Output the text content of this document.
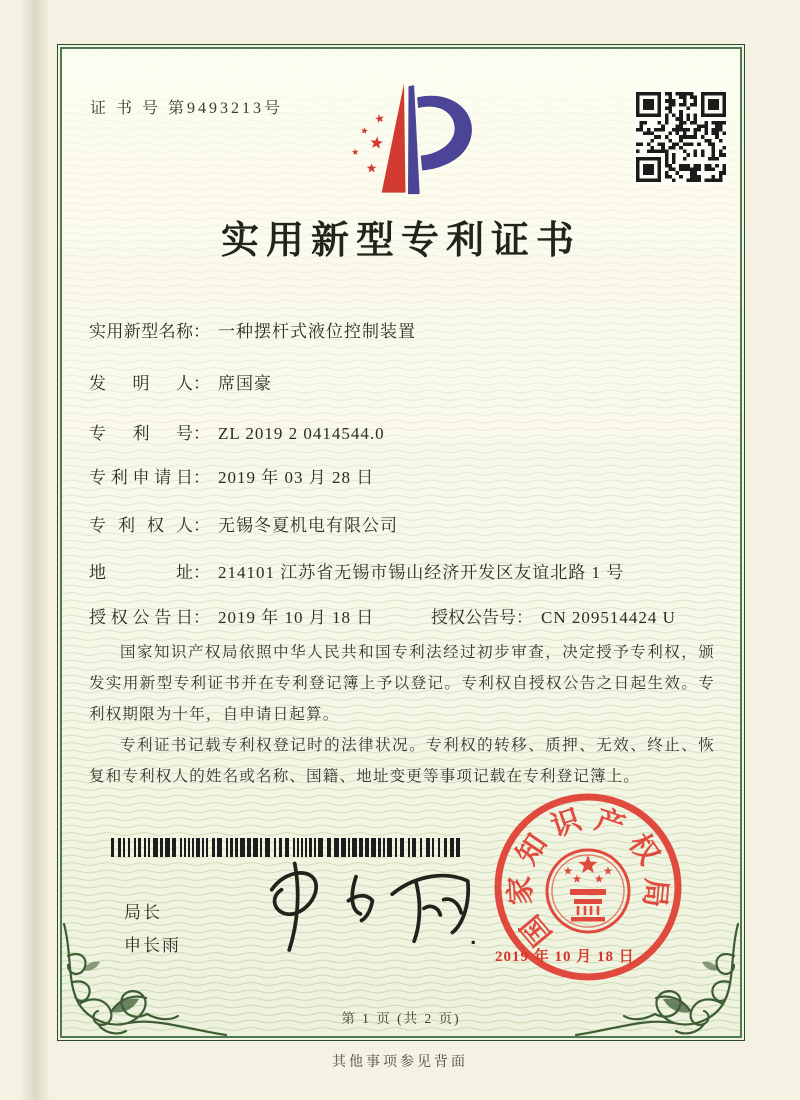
证 书 号 第9493213号
实用新型专利证书
实用新型名称： 一种摆杆式液位控制装置
发明人： 席国豪
专利号： ZL 2019 2 0414544.0
专利申请日： 2019 年 03 月 28 日
专利权人： 无锡冬夏机电有限公司
地址： 214101 江苏省无锡市锡山经济开发区友谊北路 1 号
授权公告日： 2019 年 10 月 18 日	授权公告号： CN 209514424 U

国家知识产权局依照中华人民共和国专利法经过初步审查，决定授予专利权，颁发实用新型专利证书并在专利登记簿上予以登记。专利权自授权公告之日起生效。专利权期限为十年，自申请日起算。

专利证书记载专利权登记时的法律状况。专利权的转移、质押、无效、终止、恢复和专利权人的姓名或名称、国籍、地址变更等事项记载在专利登记簿上。

局长
申长雨	国
家
知
识 产
权
局
2019 年 10 月 18 日
第 1 页 (共 2 页)
其他事项参见背面
